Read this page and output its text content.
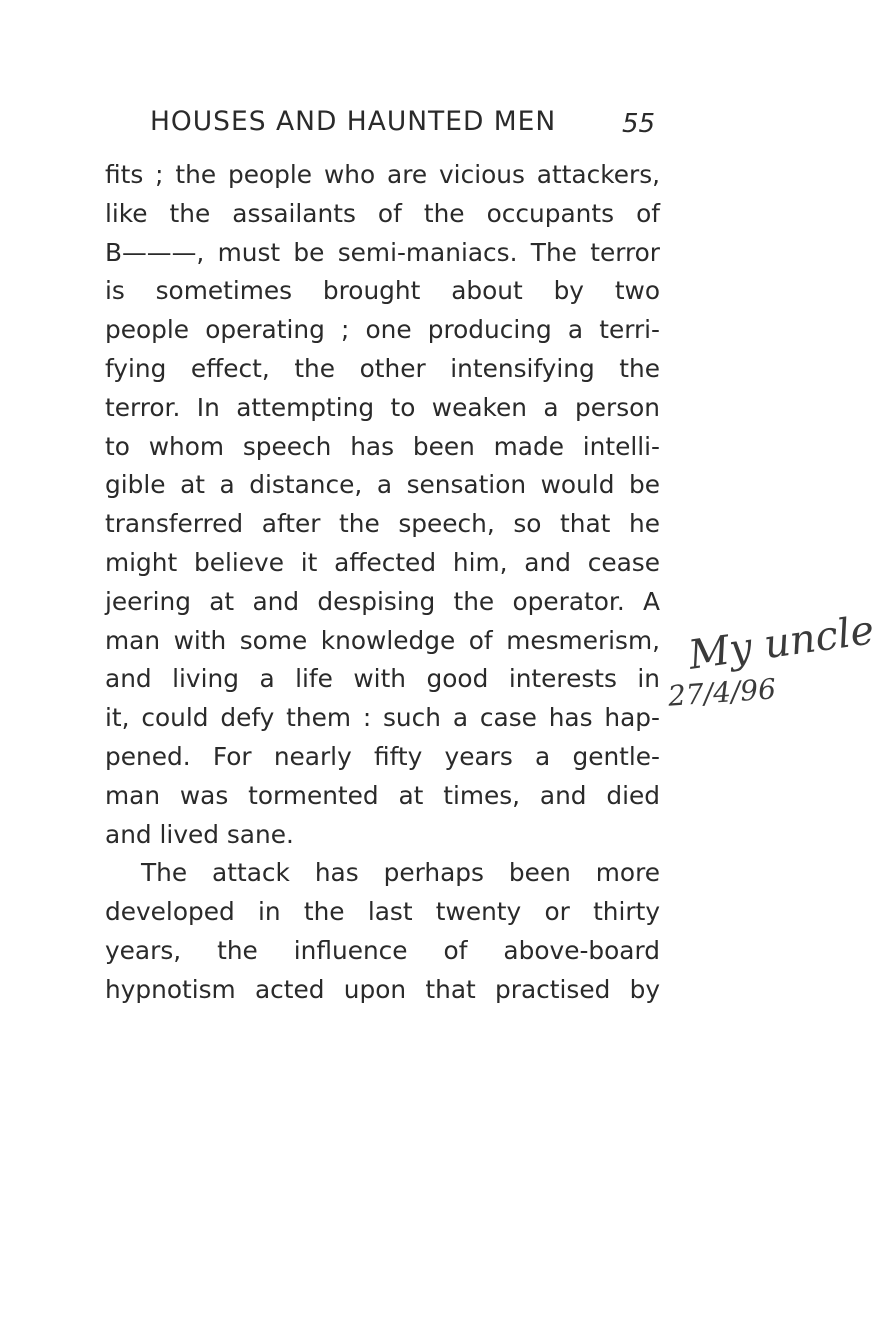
HOUSES AND HAUNTED MEN	55
fits ; the people who are vicious attackers,
like the assailants of the occupants of
B———, must be semi-maniacs. The terror
is sometimes brought about by two
people operating ; one producing a terri-
fying effect, the other intensifying the
terror. In attempting to weaken a person
to whom speech has been made intelli-
gible at a distance, a sensation would be
transferred after the speech, so that he
might believe it affected him, and cease
jeering at and despising the operator. A
man with some knowledge of mesmerism,
and living a life with good interests in
it, could defy them : such a case has hap-
pened. For nearly fifty years a gentle-
man was tormented at times, and died
and lived sane.
The attack has perhaps been more
developed in the last twenty or thirty
years, the influence of above-board
hypnotism acted upon that practised by
My uncle
27/4/96
